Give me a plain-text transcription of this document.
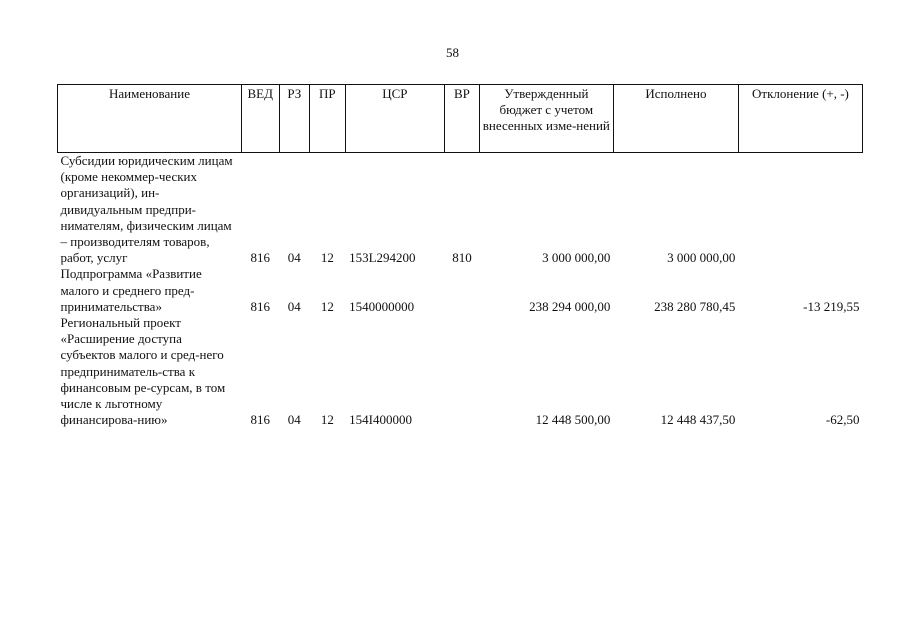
58
Наименование	ВЕД	РЗ	ПР	ЦСР	ВР	Утвержденный бюджет с учетом внесенных изме-нений	Исполнено	Отклонение (+, -)
Субсидии юридическим лицам (кроме некоммер-ческих организаций), ин-дивидуальным предпри-нимателям, физическим лицам – производителям товаров, работ, услуг	816	04	12	153L294200	810	3 000 000,00	3 000 000,00	
Подпрограмма «Развитие малого и среднего пред-принимательства»	816	04	12	1540000000		238 294 000,00	238 280 780,45	-13 219,55
Региональный проект «Расширение доступа субъектов малого и сред-него предприниматель-ства к финансовым ре-сурсам, в том числе к льготному финансирова-нию»	816	04	12	154I400000		12 448 500,00	12 448 437,50	-62,50
